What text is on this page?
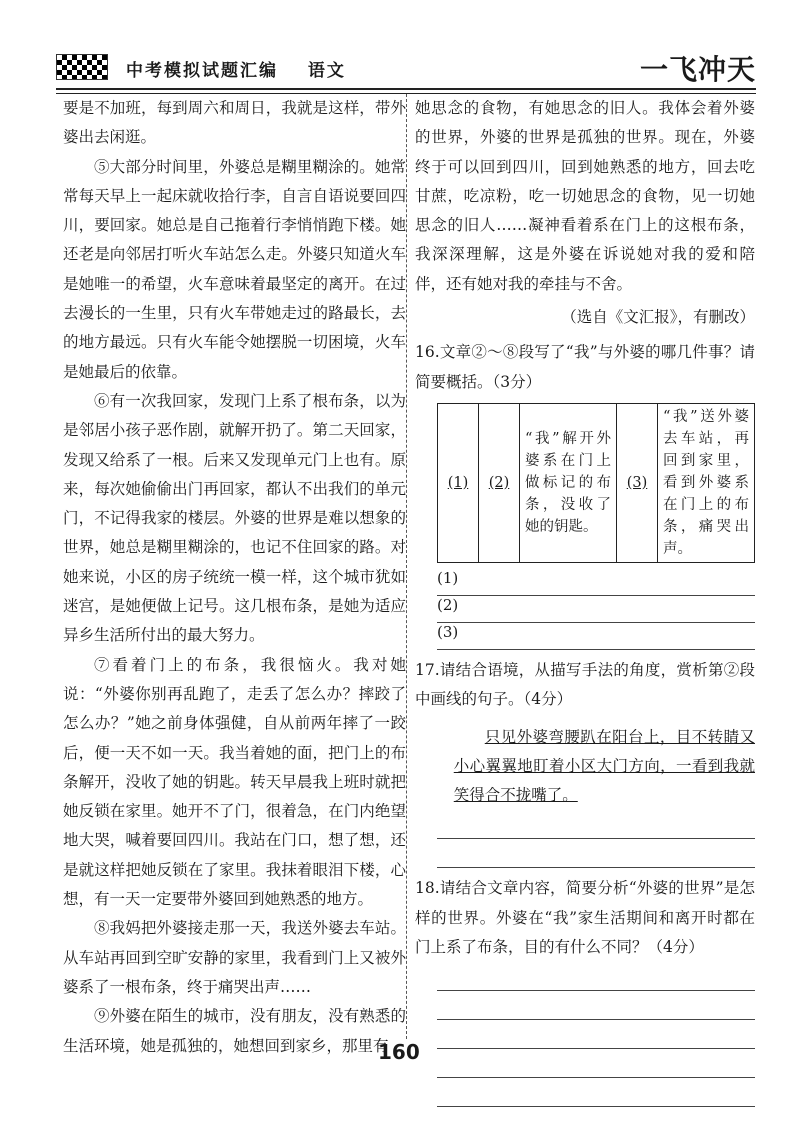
中考模拟试题汇编 语文	一飞冲天

要是不加班，每到周六和周日，我就是这样，带外婆出去闲逛。

⑤大部分时间里，外婆总是糊里糊涂的。她常常每天早上一起床就收拾行李，自言自语说要回四川，要回家。她总是自己拖着行李悄悄跑下楼。她还老是向邻居打听火车站怎么走。外婆只知道火车是她唯一的希望，火车意味着最坚定的离开。在过去漫长的一生里，只有火车带她走过的路最长，去的地方最远。只有火车能令她摆脱一切困境，火车是她最后的依靠。

⑥有一次我回家，发现门上系了根布条，以为是邻居小孩子恶作剧，就解开扔了。第二天回家，发现又给系了一根。后来又发现单元门上也有。原来，每次她偷偷出门再回家，都认不出我们的单元门，不记得我家的楼层。外婆的世界是难以想象的世界，她总是糊里糊涂的，也记不住回家的路。对她来说，小区的房子统统一模一样，这个城市犹如迷宫，是她便做上记号。这几根布条，是她为适应异乡生活所付出的最大努力。

⑦看着门上的布条，我很恼火。我对她说：“外婆你别再乱跑了，走丢了怎么办？摔跤了怎么办？”她之前身体强健，自从前两年摔了一跤后，便一天不如一天。我当着她的面，把门上的布条解开，没收了她的钥匙。转天早晨我上班时就把她反锁在家里。她开不了门，很着急，在门内绝望地大哭，喊着要回四川。我站在门口，想了想，还是就这样把她反锁在了家里。我抹着眼泪下楼，心想，有一天一定要带外婆回到她熟悉的地方。

⑧我妈把外婆接走那一天，我送外婆去车站。从车站再回到空旷安静的家里，我看到门上又被外婆系了一根布条，终于痛哭出声……

⑨外婆在陌生的城市，没有朋友，没有熟悉的生活环境，她是孤独的，她想回到家乡，那里有

她思念的食物，有她思念的旧人。我体会着外婆的世界，外婆的世界是孤独的世界。现在，外婆终于可以回到四川，回到她熟悉的地方，回去吃甘蔗，吃凉粉，吃一切她思念的食物，见一切她思念的旧人……凝神看着系在门上的这根布条，我深深理解，这是外婆在诉说她对我的爱和陪伴，还有她对我的牵挂与不舍。

（选自《文汇报》，有删改）

16.文章②～⑧段写了“我”与外婆的哪几件事？请简要概括。（3分）

(1)	(2)	“我”解开外婆系在门上做标记的布条，没收了她的钥匙。	(3)	“我”送外婆去车站，再回到家里，看到外婆系在门上的布条，痛哭出声。
(1)
(2)
(3)

17.请结合语境，从描写手法的角度，赏析第②段中画线的句子。（4分）

只见外婆弯腰趴在阳台上，目不转睛又小心翼翼地盯着小区大门方向，一看到我就笑得合不拢嘴了。

18.请结合文章内容，简要分析“外婆的世界”是怎样的世界。外婆在“我”家生活期间和离开时都在门上系了布条，目的有什么不同？（4分）

160
